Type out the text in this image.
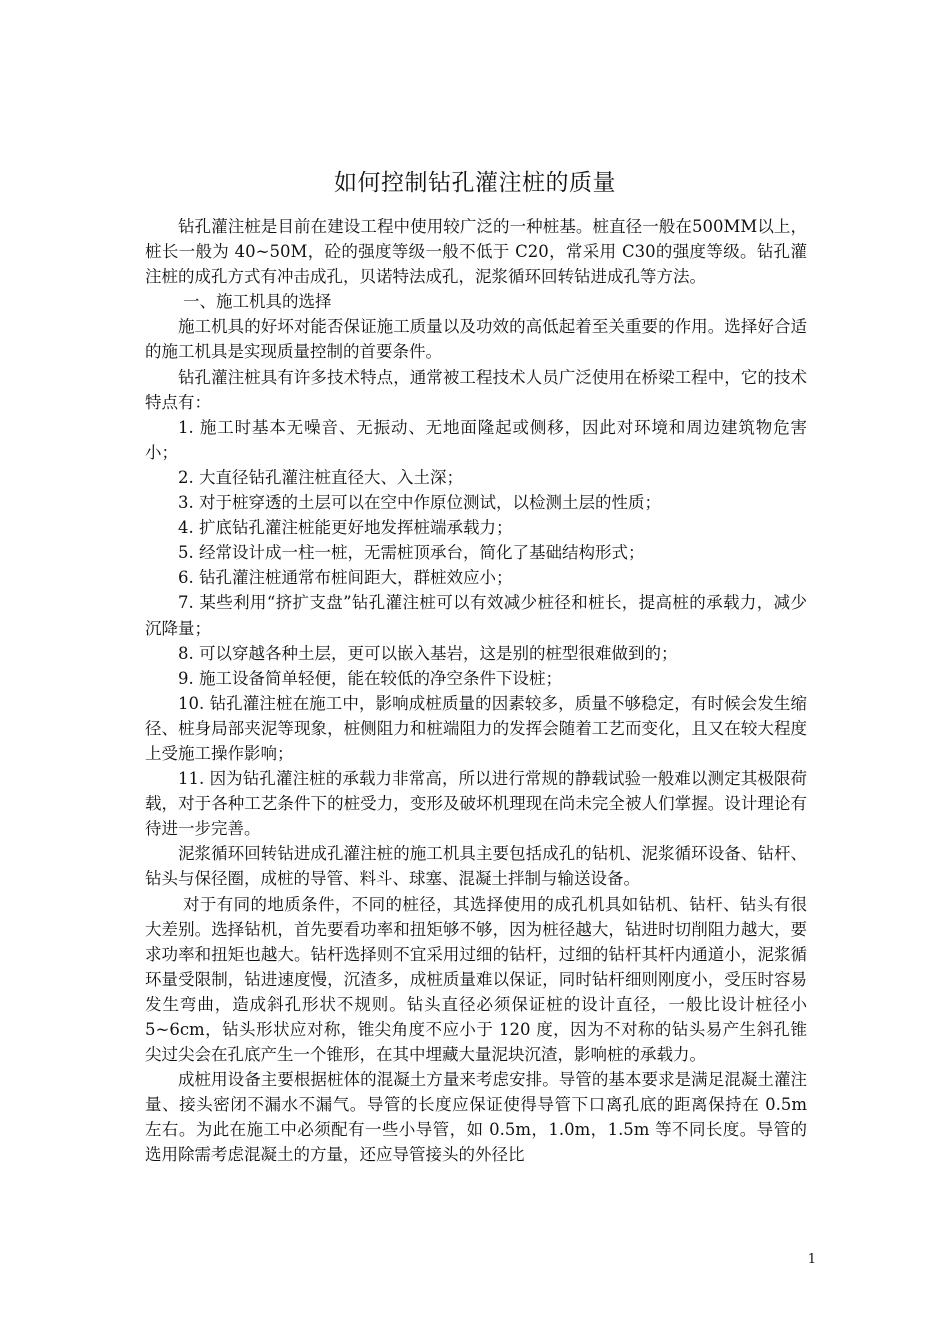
如何控制钻孔灌注桩的质量

钻孔灌注桩是目前在建设工程中使用较广泛的一种桩基。桩直径一般在500MM以上，桩长一般为 40~50M，砼的强度等级一般不低于 C20，常采用 C30的强度等级。钻孔灌注桩的成孔方式有冲击成孔，贝诺特法成孔，泥浆循环回转钻进成孔等方法。

一、施工机具的选择

施工机具的好坏对能否保证施工质量以及功效的高低起着至关重要的作用。选择好合适的施工机具是实现质量控制的首要条件。

钻孔灌注桩具有许多技术特点，通常被工程技术人员广泛使用在桥梁工程中，它的技术特点有：

1. 施工时基本无噪音、无振动、无地面隆起或侧移，因此对环境和周边建筑物危害小；

2. 大直径钻孔灌注桩直径大、入土深；

3. 对于桩穿透的土层可以在空中作原位测试，以检测土层的性质；

4. 扩底钻孔灌注桩能更好地发挥桩端承载力；

5. 经常设计成一柱一桩，无需桩顶承台，简化了基础结构形式；

6. 钻孔灌注桩通常布桩间距大，群桩效应小；

7. 某些利用“挤扩支盘”钻孔灌注桩可以有效减少桩径和桩长，提高桩的承载力，减少沉降量；

8. 可以穿越各种土层，更可以嵌入基岩，这是别的桩型很难做到的；

9. 施工设备简单轻便，能在较低的净空条件下设桩；

10. 钻孔灌注桩在施工中，影响成桩质量的因素较多，质量不够稳定，有时候会发生缩径、桩身局部夹泥等现象，桩侧阻力和桩端阻力的发挥会随着工艺而变化，且又在较大程度上受施工操作影响；

11. 因为钻孔灌注桩的承载力非常高，所以进行常规的静载试验一般难以测定其极限荷载，对于各种工艺条件下的桩受力，变形及破坏机理现在尚未完全被人们掌握。设计理论有待进一步完善。

泥浆循环回转钻进成孔灌注桩的施工机具主要包括成孔的钻机、泥浆循环设备、钻杆、钻头与保径圈，成桩的导管、料斗、球塞、混凝土拌制与输送设备。

对于有同的地质条件，不同的桩径，其选择使用的成孔机具如钻机、钻杆、钻头有很大差别。选择钻机，首先要看功率和扭矩够不够，因为桩径越大，钻进时切削阻力越大，要求功率和扭矩也越大。钻杆选择则不宜采用过细的钻杆，过细的钻杆其杆内通道小，泥浆循环量受限制，钻进速度慢，沉渣多，成桩质量难以保证，同时钻杆细则刚度小，受压时容易发生弯曲，造成斜孔形状不规则。钻头直径必须保证桩的设计直径，一般比设计桩径小 5~6cm，钻头形状应对称，锥尖角度不应小于 120 度，因为不对称的钻头易产生斜孔锥尖过尖会在孔底产生一个锥形，在其中埋藏大量泥块沉渣，影响桩的承载力。

成桩用设备主要根据桩体的混凝土方量来考虑安排。导管的基本要求是满足混凝土灌注量、接头密闭不漏水不漏气。导管的长度应保证使得导管下口离孔底的距离保持在 0.5m 左右。为此在施工中必须配有一些小导管，如 0.5m，1.0m，1.5m 等不同长度。导管的选用除需考虑混凝土的方量，还应导管接头的外径比

1
